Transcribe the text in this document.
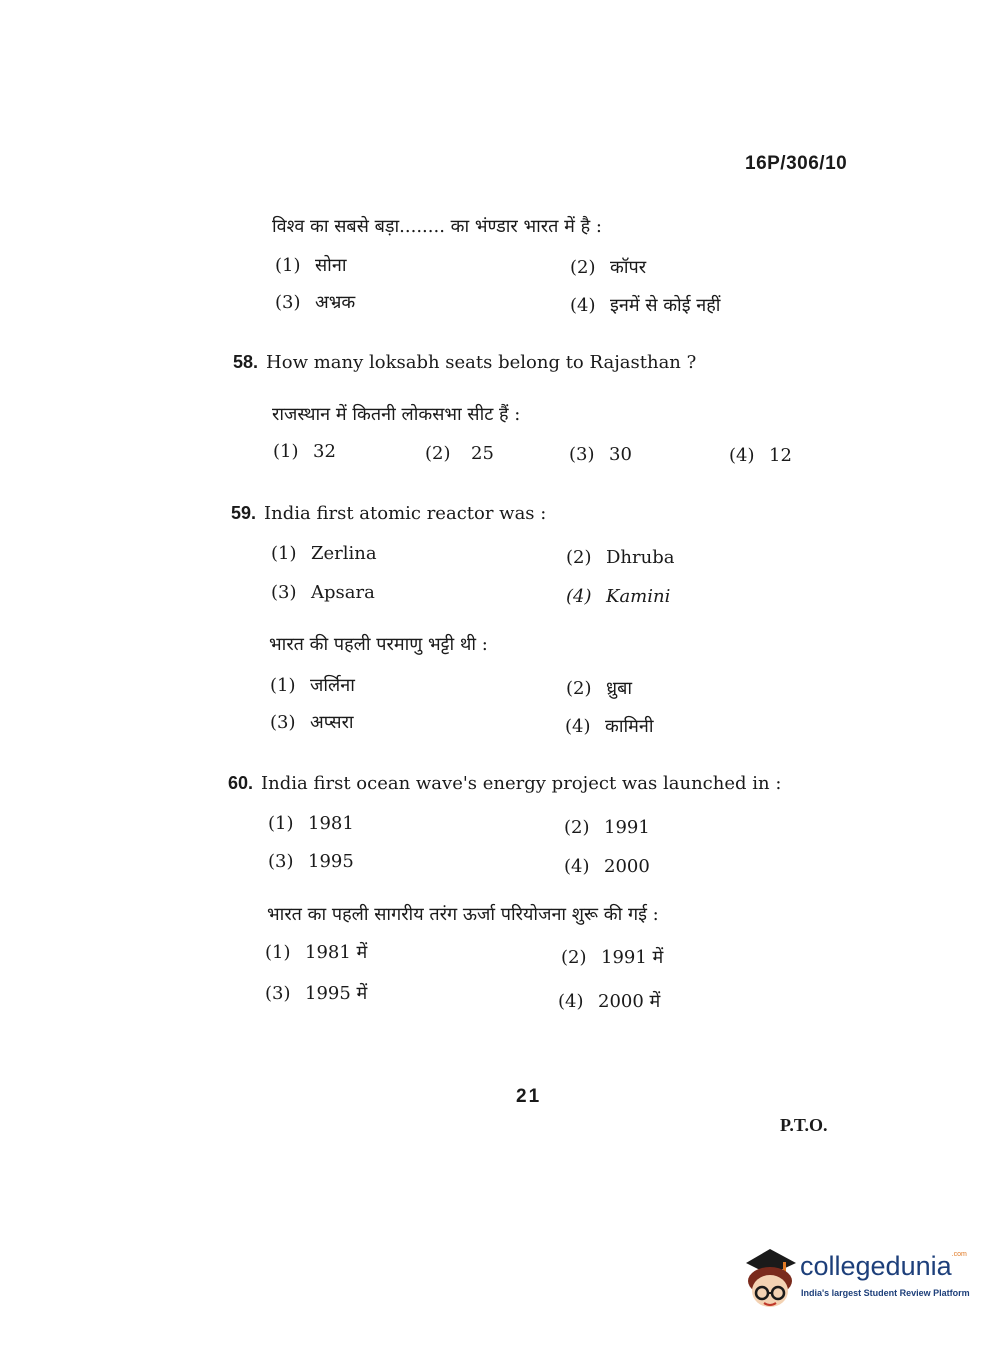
16P/306/10
विश्व का सबसे बड़ा........ का भंण्डार भारत में है :
(1) सोना	(2) कॉपर
(3) अभ्रक	(4) इनमें से कोई नहीं
58. How many loksabh seats belong to Rajasthan ?
राजस्थान में कितनी लोकसभा सीट हैं :
(1) 32	(2) 25	(3) 30	(4) 12
59. India first atomic reactor was :
(1) Zerlina	(2) Dhruba
(3) Apsara	(4) Kamini
भारत की पहली परमाणु भट्टी थी :
(1) जर्लिना	(2) ध्रुबा
(3) अप्सरा	(4) कामिनी
60. India first ocean wave's energy project was launched in :
(1) 1981	(2) 1991
(3) 1995	(4) 2000
भारत का पहली सागरीय तरंग ऊर्जा परियोजना शुरू की गई :
(1) 1981 में	(2) 1991 में
(3) 1995 में	(4) 2000 में
21
P.T.O.
collegedunia$^{.com}$
India's largest Student Review Platform
